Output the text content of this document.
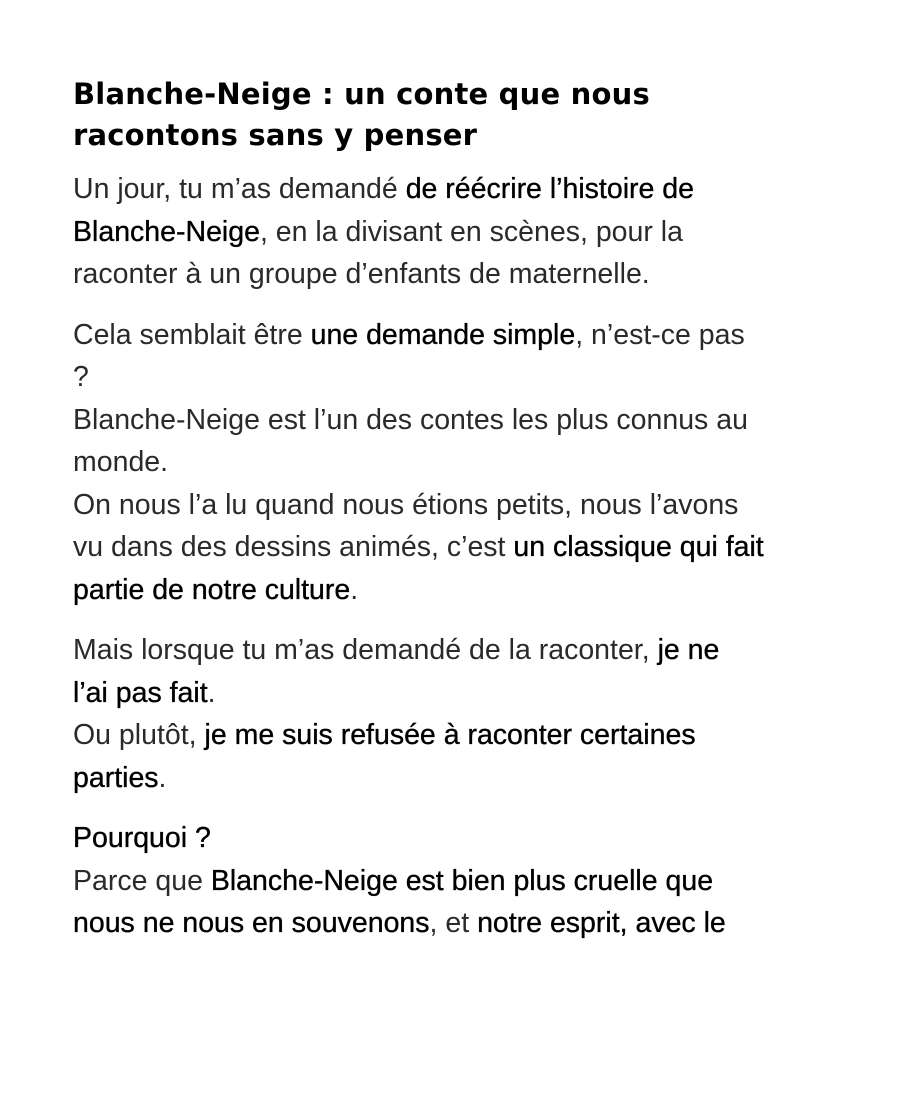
Blanche-Neige : un conte que nous
racontons sans y penser

Un jour, tu m’as demandé de réécrire l’histoire de
Blanche-Neige, en la divisant en scènes, pour la
raconter à un groupe d’enfants de maternelle.

Cela semblait être une demande simple, n’est-ce pas
?
Blanche-Neige est l’un des contes les plus connus au
monde.
On nous l’a lu quand nous étions petits, nous l’avons
vu dans des dessins animés, c’est un classique qui fait
partie de notre culture.

Mais lorsque tu m’as demandé de la raconter, je ne
l’ai pas fait.
Ou plutôt, je me suis refusée à raconter certaines
parties.

Pourquoi ?
Parce que Blanche-Neige est bien plus cruelle que
nous ne nous en souvenons, et notre esprit, avec le
